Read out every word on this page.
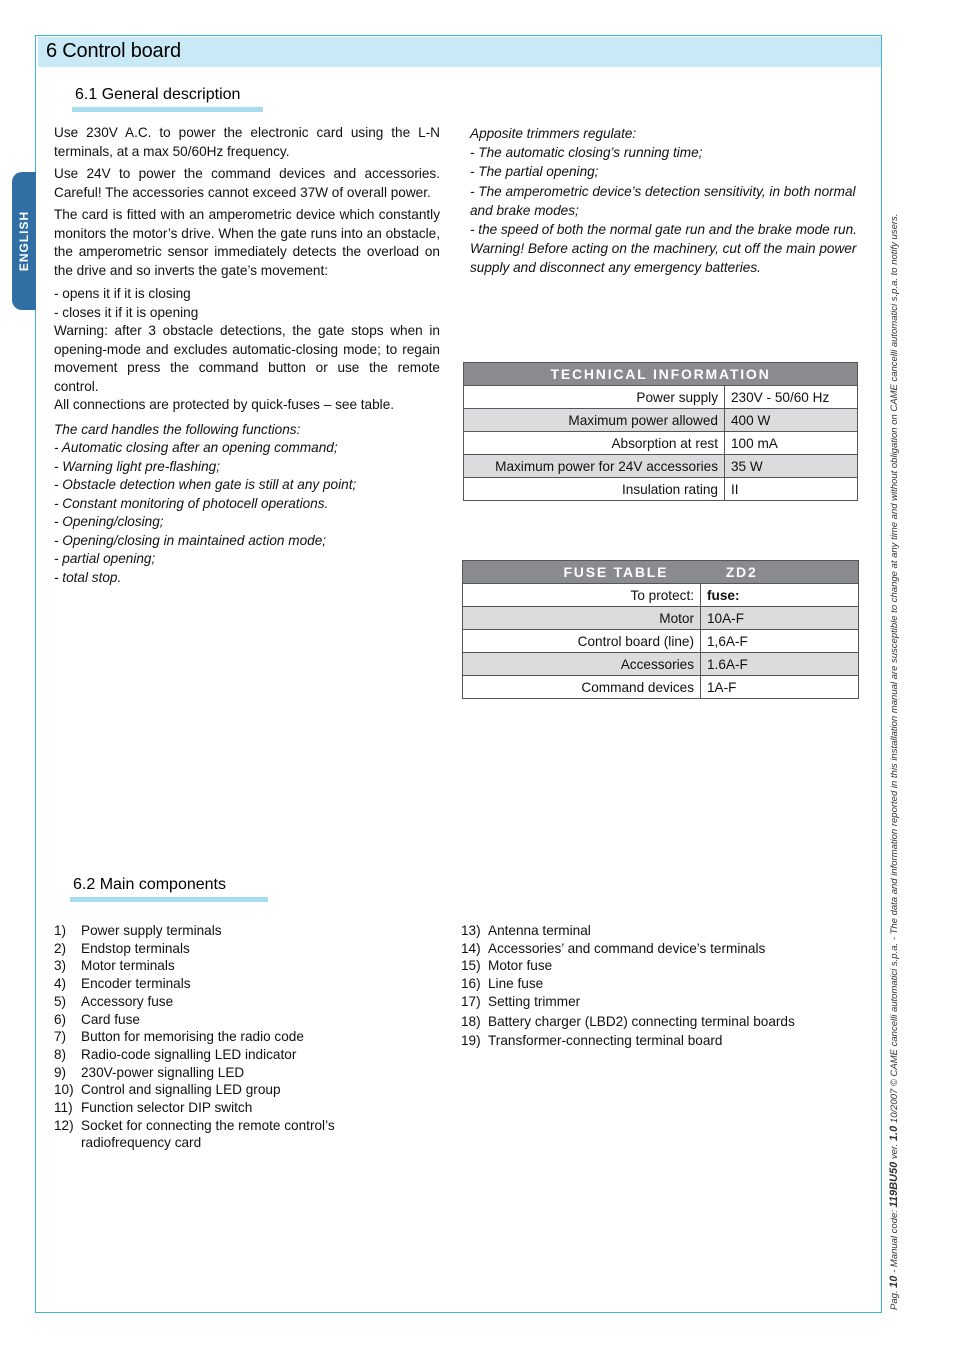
6 Control board
ENGLISH
6.1 General description

Use 230V A.C. to power the electronic card using the L-N terminals, at a max 50/60Hz frequency.

Use 24V to power the command devices and accessories. Careful! The accessories cannot exceed 37W of overall power.

The card is fitted with an amperometric device which constantly monitors the motor’s drive. When the gate runs into an obstacle, the amperometric sensor immediately detects the overload on the drive and so inverts the gate’s movement:

- opens it if it is closing

- closes it if it is opening

Warning: after 3 obstacle detections, the gate stops when in opening-mode and excludes automatic-closing mode; to regain movement press the command button or use the remote control.

All connections are protected by quick-fuses – see table.

The card handles the following functions:

- Automatic closing after an opening command;

- Warning light pre-flashing;

- Obstacle detection when gate is still at any point;

- Constant monitoring of photocell operations.

- Opening/closing;

- Opening/closing in maintained action mode;

- partial opening;

- total stop.

Apposite trimmers regulate:

- The automatic closing’s running time;

- The partial opening;

- The amperometric device’s detection sensitivity, in both normal and brake modes;

- the speed of both the normal gate run and the brake mode run.

Warning! Before acting on the machinery, cut off the main power supply and disconnect any emergency batteries.

TECHNICAL INFORMATION	
Power supply	230V - 50/60 Hz
Maximum power allowed	400 W
Absorption at rest	100 mA
Maximum power for 24V accessories	35 W
Insulation rating	II
FUSE TABLE ZD2	
To protect:	fuse:
Motor	10A-F
Control board (line)	1,6A-F
Accessories	1.6A-F
Command devices	1A-F
6.2 Main components
1)	Power supply terminals
2)	Endstop terminals
3)	Motor terminals
4)	Encoder terminals
5)	Accessory fuse
6)	Card fuse
7)	Button for memorising the radio code
8)	Radio-code signalling LED indicator
9)	230V-power signalling LED
10) Control and signalling LED group
11) Function selector DIP switch
12) Socket for connecting the remote control’s radiofrequency card
13) Antenna terminal
14) Accessories’ and command device’s terminals
15) Motor fuse
16) Line fuse
17) Setting trimmer
18) Battery charger (LBD2) connecting terminal boards
19) Transformer-connecting terminal board
Pag. 10 - Manual code: 119BU50 ver. 1.0 10/2007 © CAME cancelli automatici s.p.a. - The data and information reported in this installation manual are susceptible to change at any time and without obligation on CAME cancelli automatici s.p.a. to notify users.
